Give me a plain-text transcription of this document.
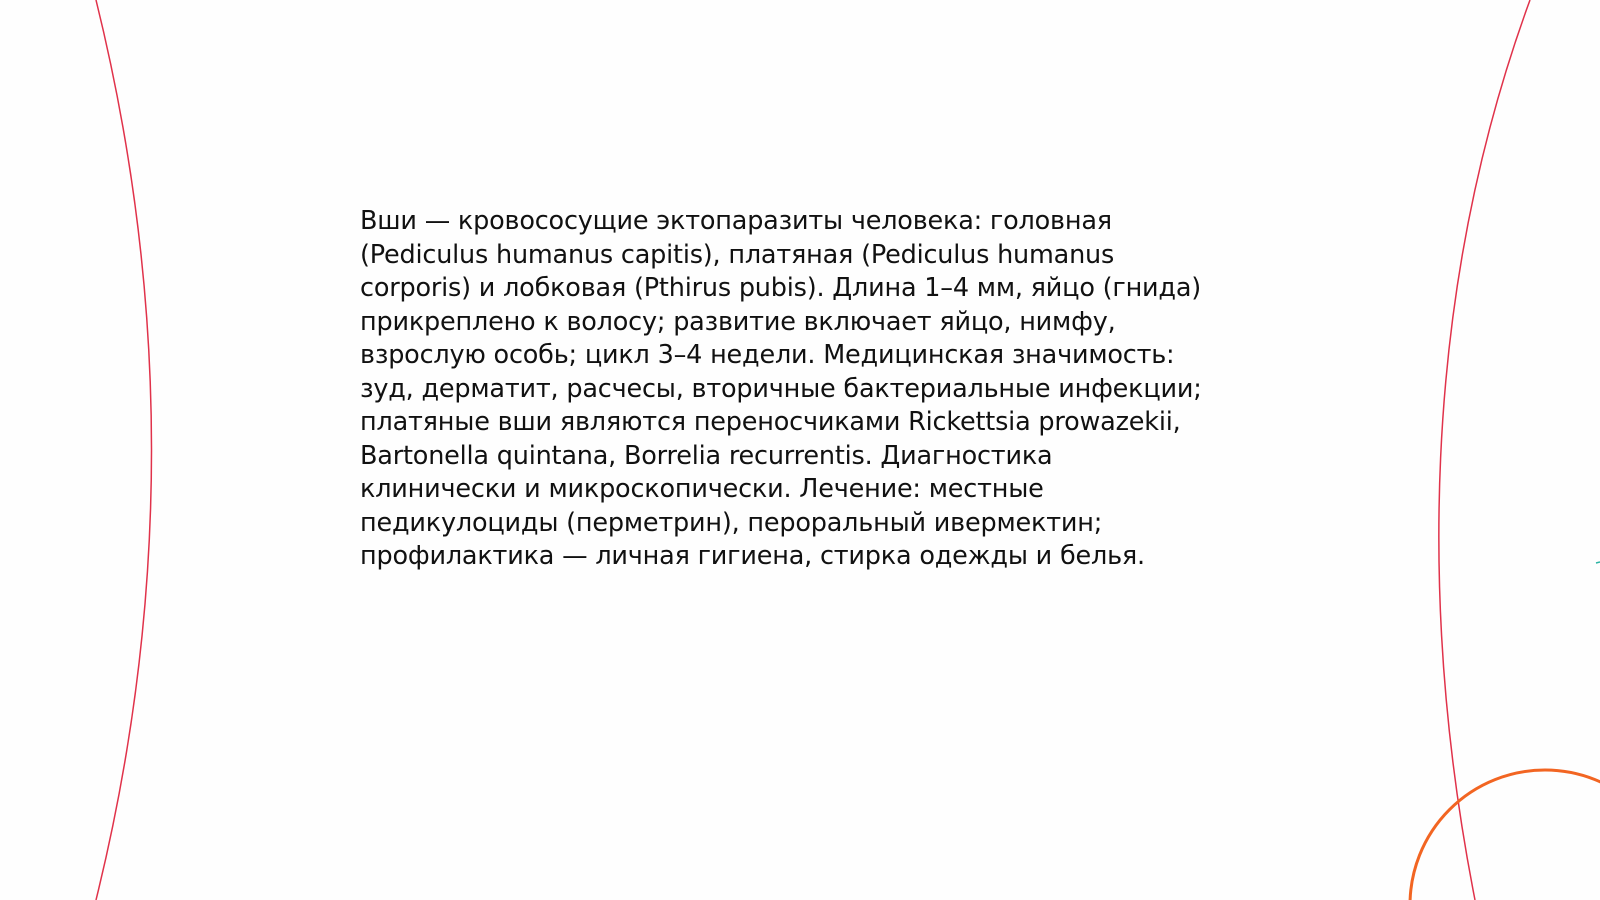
Вши — кровососущие эктопаразиты человека: головная
(Pediculus humanus capitis), платяная (Pediculus humanus
corporis) и лобковая (Pthirus pubis). Длина 1–4 мм, яйцо (гнида)
прикреплено к волосу; развитие включает яйцо, нимфу,
взрослую особь; цикл 3–4 недели. Медицинская значимость:
зуд, дерматит, расчесы, вторичные бактериальные инфекции;
платяные вши являются переносчиками Rickettsia prowazekii,
Bartonella quintana, Borrelia recurrentis. Диагностика
клинически и микроскопически. Лечение: местные
педикулоциды (перметрин), пероральный ивермектин;
профилактика — личная гигиена, стирка одежды и белья.
